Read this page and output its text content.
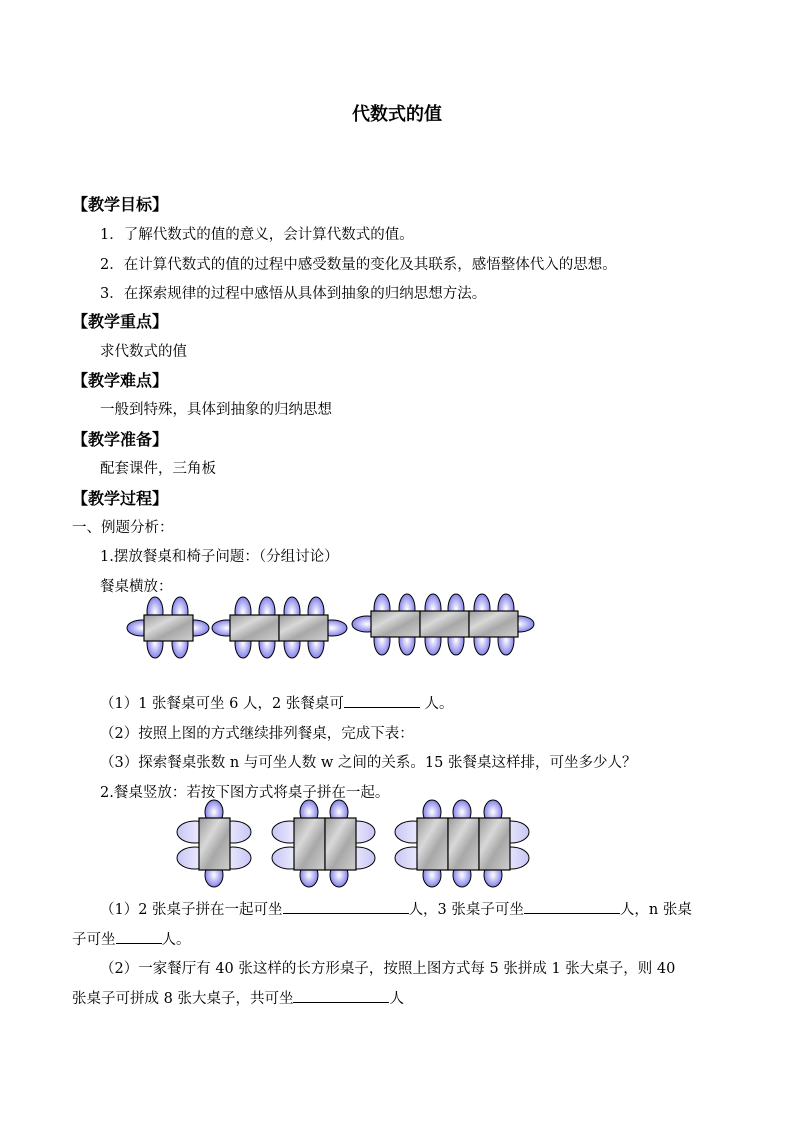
代数式的值
【教学目标】
1．了解代数式的值的意义，会计算代数式的值。
2．在计算代数式的值的过程中感受数量的变化及其联系，感悟整体代入的思想。
3．在探索规律的过程中感悟从具体到抽象的归纳思想方法。
【教学重点】
求代数式的值
【教学难点】
一般到特殊，具体到抽象的归纳思想
【教学准备】
配套课件，三角板
【教学过程】
一、例题分析：
1.摆放餐桌和椅子问题：（分组讨论）
餐桌横放：
（1）1 张餐桌可坐 6 人，2 张餐桌可	人。
（2）按照上图的方式继续排列餐桌，完成下表：
（3）探索餐桌张数 n 与可坐人数 w 之间的关系。15 张餐桌这样排，可坐多少人？
2.餐桌竖放：若按下图方式将桌子拼在一起。
（1）2 张桌子拼在一起可坐	人，3 张桌子可坐	人，n 张桌
子可坐	人。
（2）一家餐厅有 40 张这样的长方形桌子，按照上图方式每 5 张拼成 1 张大桌子，则 40
张桌子可拼成 8 张大桌子，共可坐	人
